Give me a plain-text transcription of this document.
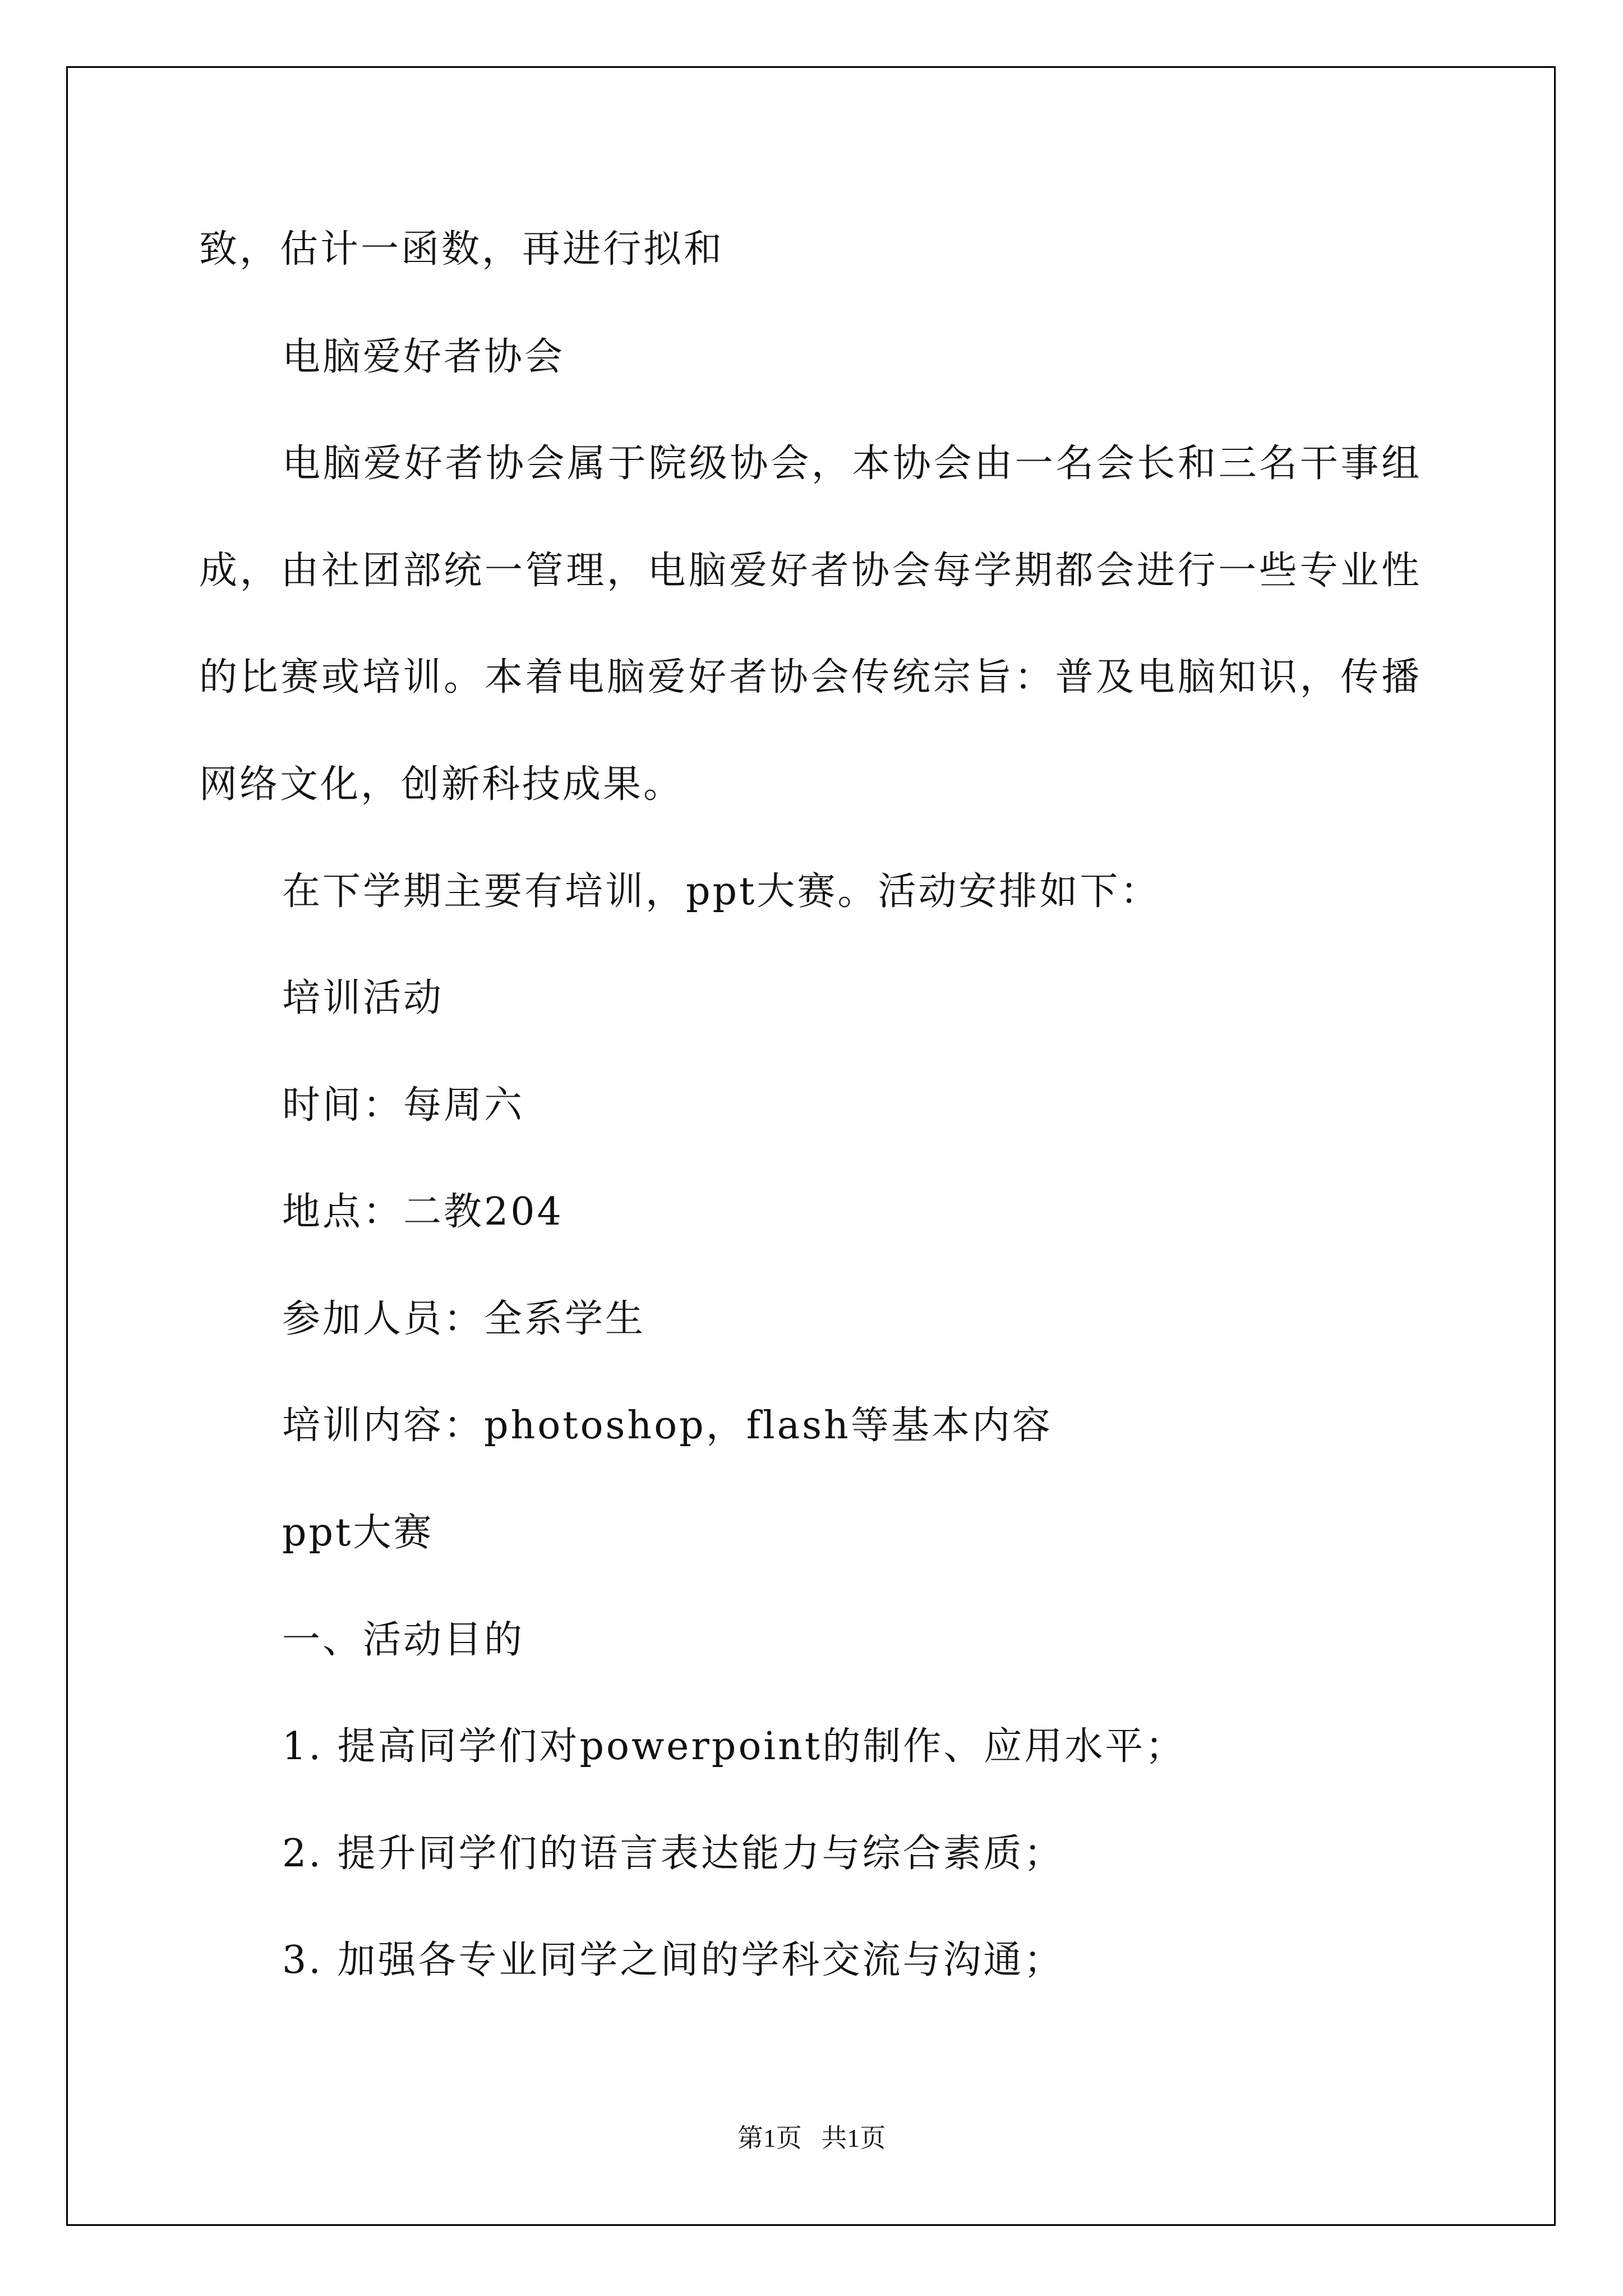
致，估计一函数，再进行拟和
电脑爱好者协会
电脑爱好者协会属于院级协会，本协会由一名会长和三名干事组
成，由社团部统一管理，电脑爱好者协会每学期都会进行一些专业性
的比赛或培训。本着电脑爱好者协会传统宗旨：普及电脑知识，传播
网络文化，创新科技成果。
在下学期主要有培训，ppt大赛。活动安排如下：
培训活动
时间：每周六
地点：二教204
参加人员：全系学生
培训内容：photoshop，flash等基本内容
ppt大赛
一、活动目的
1. 提高同学们对powerpoint的制作、应用水平；
2. 提升同学们的语言表达能力与综合素质；
3. 加强各专业同学之间的学科交流与沟通；
第1页   共1页
